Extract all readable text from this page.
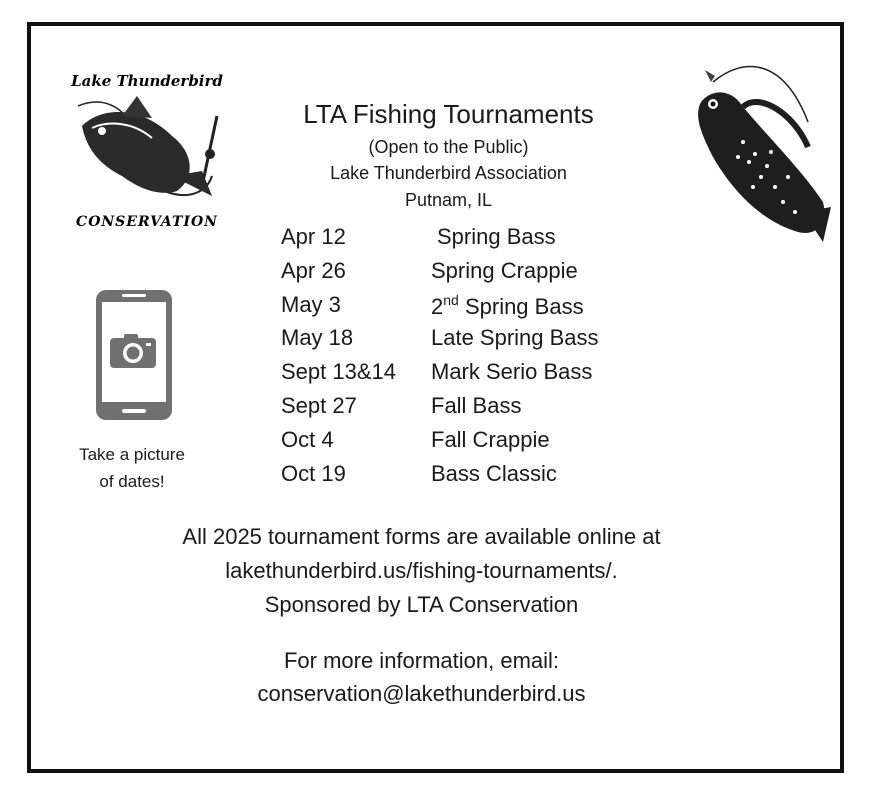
Lake Thunderbird
CONSERVATION
Take a picture
of dates!
LTA Fishing Tournaments
(Open to the Public)
Lake Thunderbird Association
Putnam, IL
Apr 12	Spring Bass
Apr 26	Spring Crappie
May 3	2nd Spring Bass
May 18	Late Spring Bass
Sept 13&14 Mark Serio Bass
Sept 27	Fall Bass
Oct 4	Fall Crappie
Oct 19	Bass Classic
All 2025 tournament forms are available online at
lakethunderbird.us/fishing-tournaments/.
Sponsored by LTA Conservation
For more information, email:
conservation@lakethunderbird.us
